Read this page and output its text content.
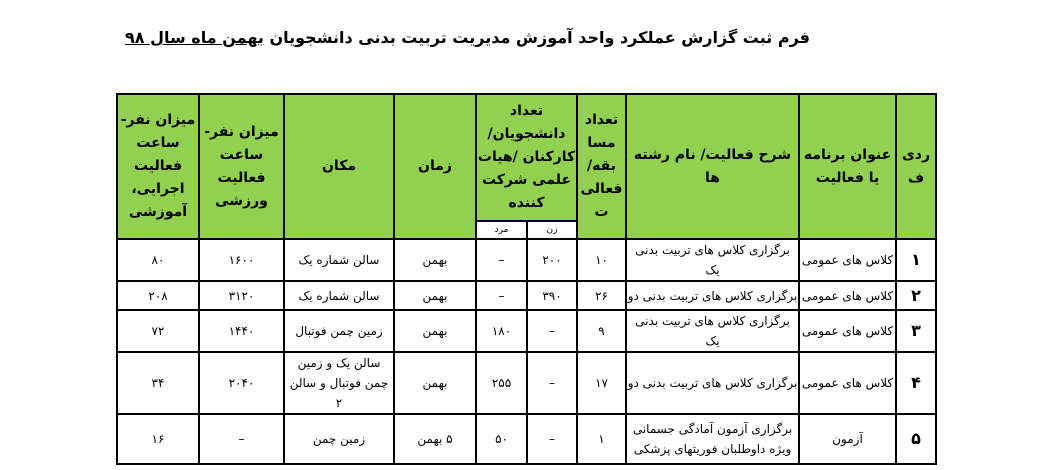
فرم ثبت گزارش عملکرد واحد آموزش مدیریت تربیت بدنی دانشجویان بهمن ماه سال ۹۸
ردی ف	عنوان برنامه یا فعالیت	شرح فعالیت/ نام رشته ها	تعداد مسا بقه/ فعالی ت	تعداد دانشجویان/ کارکنان /هیات علمی شرکت کننده		زمان	مکان	میزان نفر- ساعت فعالیت ورزشی	میزان نفر- ساعت فعالیت اجرایی، آموزشی
				زن	مرد				
۱	کلاس های عمومی	برگزاری کلاس های تربیت بدنی یک	۱۰	۲۰۰	–	بهمن	سالن شماره یک	۱۶۰۰	۸۰
۲	کلاس های عمومی	برگزاری کلاس های تربیت بدنی دو	۲۶	۳۹۰	–	بهمن	سالن شماره یک	۳۱۲۰	۲۰۸
۳	کلاس های عمومی	برگزاری کلاس های تربیت بدنی یک	۹	–	۱۸۰	بهمن	زمین چمن فوتبال	۱۴۴۰	۷۲
۴	کلاس های عمومی	برگزاری کلاس های تربیت بدنی دو	۱۷	–	۲۵۵	بهمن	سالن یک و زمین چمن فوتبال و سالن ۲	۲۰۴۰	۳۴
۵	آزمون	برگزاری آزمون آمادگی جسمانی ویژه داوطلبان فوریتهای پزشکی	۱	–	۵۰	۵ بهمن	زمین چمن	–	۱۶
